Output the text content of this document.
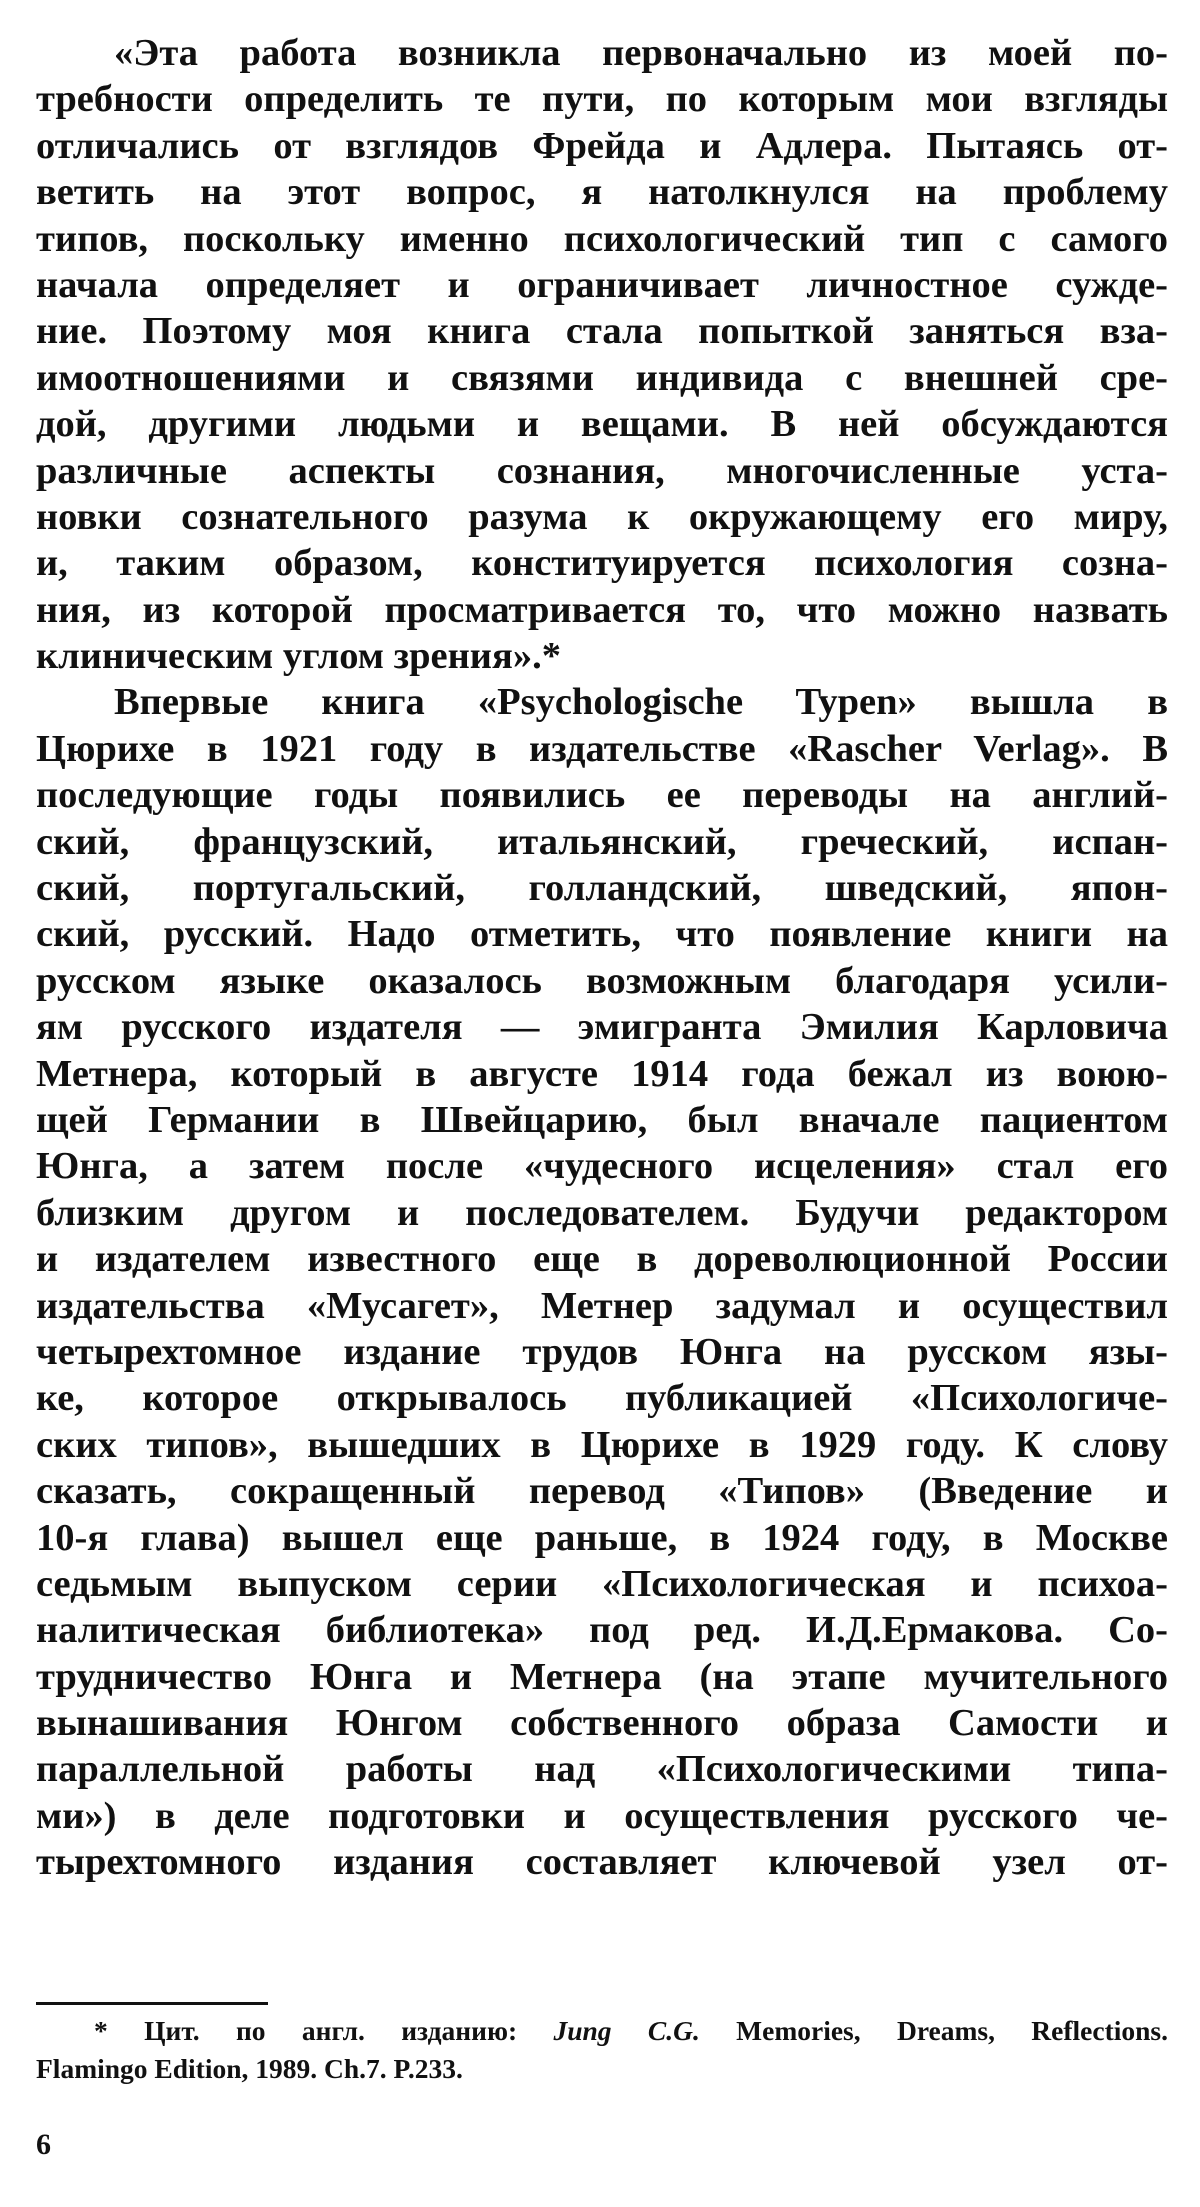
«Эта работа возникла первоначально из моей по-
требности определить те пути, по которым мои взгляды
отличались от взглядов Фрейда и Адлера. Пытаясь от-
ветить на этот вопрос, я натолкнулся на проблему
типов, поскольку именно психологический тип с самого
начала определяет и ограничивает личностное сужде-
ние. Поэтому моя книга стала попыткой заняться вза-
имоотношениями и связями индивида с внешней сре-
дой, другими людьми и вещами. В ней обсуждаются
различные аспекты сознания, многочисленные уста-
новки сознательного разума к окружающему его миру,
и, таким образом, конституируется психология созна-
ния, из которой просматривается то, что можно назвать
клиническим углом зрения».*
Впервые книга «Psychologische Typen» вышла в
Цюрихе в 1921 году в издательстве «Rascher Verlag». В
последующие годы появились ее переводы на англий-
ский, французский, итальянский, греческий, испан-
ский, португальский, голландский, шведский, япон-
ский, русский. Надо отметить, что появление книги на
русском языке оказалось возможным благодаря усили-
ям русского издателя — эмигранта Эмилия Карловича
Метнера, который в августе 1914 года бежал из воюю-
щей Германии в Швейцарию, был вначале пациентом
Юнга, а затем после «чудесного исцеления» стал его
близким другом и последователем. Будучи редактором
и издателем известного еще в дореволюционной России
издательства «Мусагет», Метнер задумал и осуществил
четырехтомное издание трудов Юнга на русском язы-
ке, которое открывалось публикацией «Психологиче-
ских типов», вышедших в Цюрихе в 1929 году. К слову
сказать, сокращенный перевод «Типов» (Введение и
10-я глава) вышел еще раньше, в 1924 году, в Москве
седьмым выпуском серии «Психологическая и психоа-
налитическая библиотека» под ред. И.Д.Ермакова. Со-
трудничество Юнга и Метнера (на этапе мучительного
вынашивания Юнгом собственного образа Самости и
параллельной работы над «Психологическими типа-
ми») в деле подготовки и осуществления русского че-
тырехтомного издания составляет ключевой узел от-
* Цит. по англ. изданию: Jung C.G. Memories, Dreams, Reflections.
Flamingo Edition, 1989. Ch.7. P.233.
6
